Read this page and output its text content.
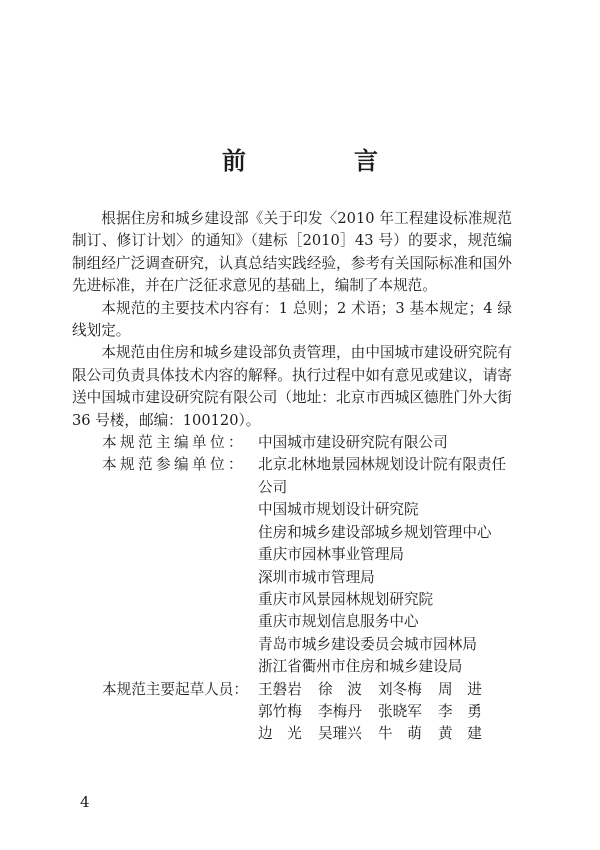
前　言

根据住房和城乡建设部《关于印发〈2010 年工程建设标准规范制订、修订计划〉的通知》（建标［2010］43 号）的要求，规范编制组经广泛调查研究，认真总结实践经验，参考有关国际标准和国外先进标准，并在广泛征求意见的基础上，编制了本规范。

本规范的主要技术内容有：1 总则；2 术语；3 基本规定；4 绿线划定。

本规范由住房和城乡建设部负责管理，由中国城市建设研究院有限公司负责具体技术内容的解释。执行过程中如有意见或建议，请寄送中国城市建设研究院有限公司（地址：北京市西城区德胜门外大街 36 号楼，邮编：100120）。

本规范主编单位： 中国城市建设研究院有限公司
本规范参编单位： 北京北林地景园林规划设计院有限责任公司
中国城市规划设计研究院
住房和城乡建设部城乡规划管理中心
重庆市园林事业管理局
深圳市城市管理局
重庆市风景园林规划研究院
重庆市规划信息服务中心
青岛市城乡建设委员会城市园林局
浙江省衢州市住房和城乡建设局
本规范主要起草人员： 王磐岩	徐　波	刘冬梅	周　进
郭竹梅	李梅丹	张晓军	李　勇
边　光	吴璀兴	牛　萌	黄　建
4
